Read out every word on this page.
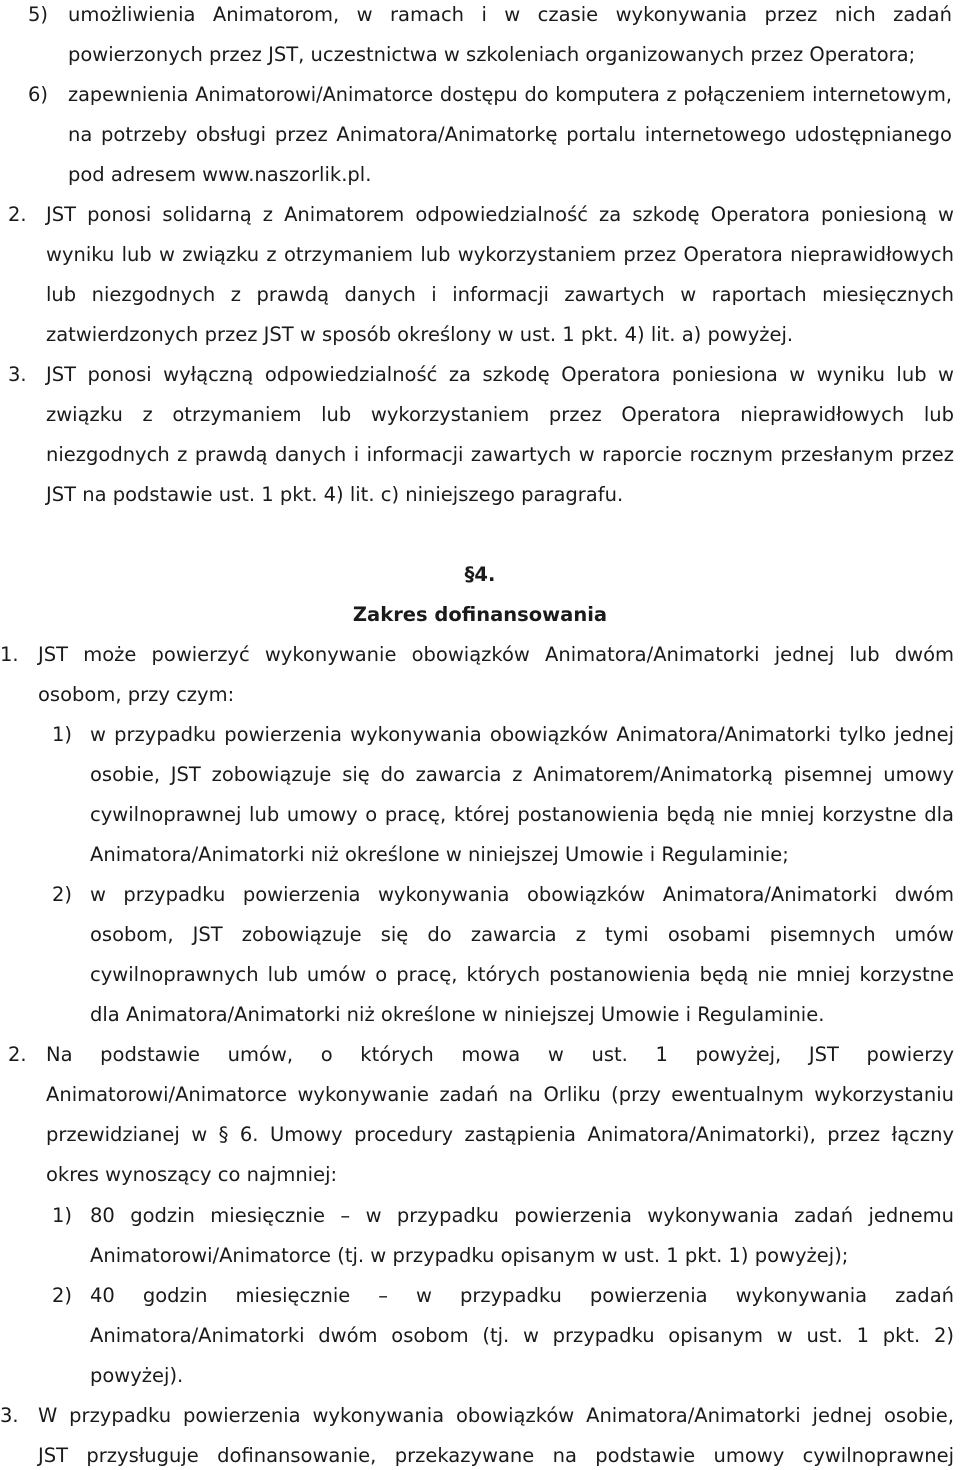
5) umożliwienia Animatorom, w ramach i w czasie wykonywania przez nich zadań
powierzonych przez JST, uczestnictwa w szkoleniach organizowanych przez Operatora;
6) zapewnienia Animatorowi/Animatorce dostępu do komputera z połączeniem internetowym,
na potrzeby obsługi przez Animatora/Animatorkę portalu internetowego udostępnianego
pod adresem www.naszorlik.pl.
2. JST ponosi solidarną z Animatorem odpowiedzialność za szkodę Operatora poniesioną w
wyniku lub w związku z otrzymaniem lub wykorzystaniem przez Operatora nieprawidłowych
lub niezgodnych z prawdą danych i informacji zawartych w raportach miesięcznych
zatwierdzonych przez JST w sposób określony w ust. 1 pkt. 4) lit. a) powyżej.
3. JST ponosi wyłączną odpowiedzialność za szkodę Operatora poniesiona w wyniku lub w
związku z otrzymaniem lub wykorzystaniem przez Operatora nieprawidłowych lub
niezgodnych z prawdą danych i informacji zawartych w raporcie rocznym przesłanym przez
JST na podstawie ust. 1 pkt. 4) lit. c) niniejszego paragrafu.
§4.
Zakres dofinansowania
1. JST może powierzyć wykonywanie obowiązków Animatora/Animatorki jednej lub dwóm
osobom, przy czym:
1) w przypadku powierzenia wykonywania obowiązków Animatora/Animatorki tylko jednej
osobie, JST zobowiązuje się do zawarcia z Animatorem/Animatorką pisemnej umowy
cywilnoprawnej lub umowy o pracę, której postanowienia będą nie mniej korzystne dla
Animatora/Animatorki niż określone w niniejszej Umowie i Regulaminie;
2) w przypadku powierzenia wykonywania obowiązków Animatora/Animatorki dwóm
osobom, JST zobowiązuje się do zawarcia z tymi osobami pisemnych umów
cywilnoprawnych lub umów o pracę, których postanowienia będą nie mniej korzystne
dla Animatora/Animatorki niż określone w niniejszej Umowie i Regulaminie.
2. Na podstawie umów, o których mowa w ust. 1 powyżej, JST powierzy
Animatorowi/Animatorce wykonywanie zadań na Orliku (przy ewentualnym wykorzystaniu
przewidzianej w § 6. Umowy procedury zastąpienia Animatora/Animatorki), przez łączny
okres wynoszący co najmniej:
1) 80 godzin miesięcznie – w przypadku powierzenia wykonywania zadań jednemu
Animatorowi/Animatorce (tj. w przypadku opisanym w ust. 1 pkt. 1) powyżej);
2) 40 godzin miesięcznie – w przypadku powierzenia wykonywania zadań
Animatora/Animatorki dwóm osobom (tj. w przypadku opisanym w ust. 1 pkt. 2)
powyżej).
3. W przypadku powierzenia wykonywania obowiązków Animatora/Animatorki jednej osobie,
JST przysługuje dofinansowanie, przekazywane na podstawie umowy cywilnoprawnej
